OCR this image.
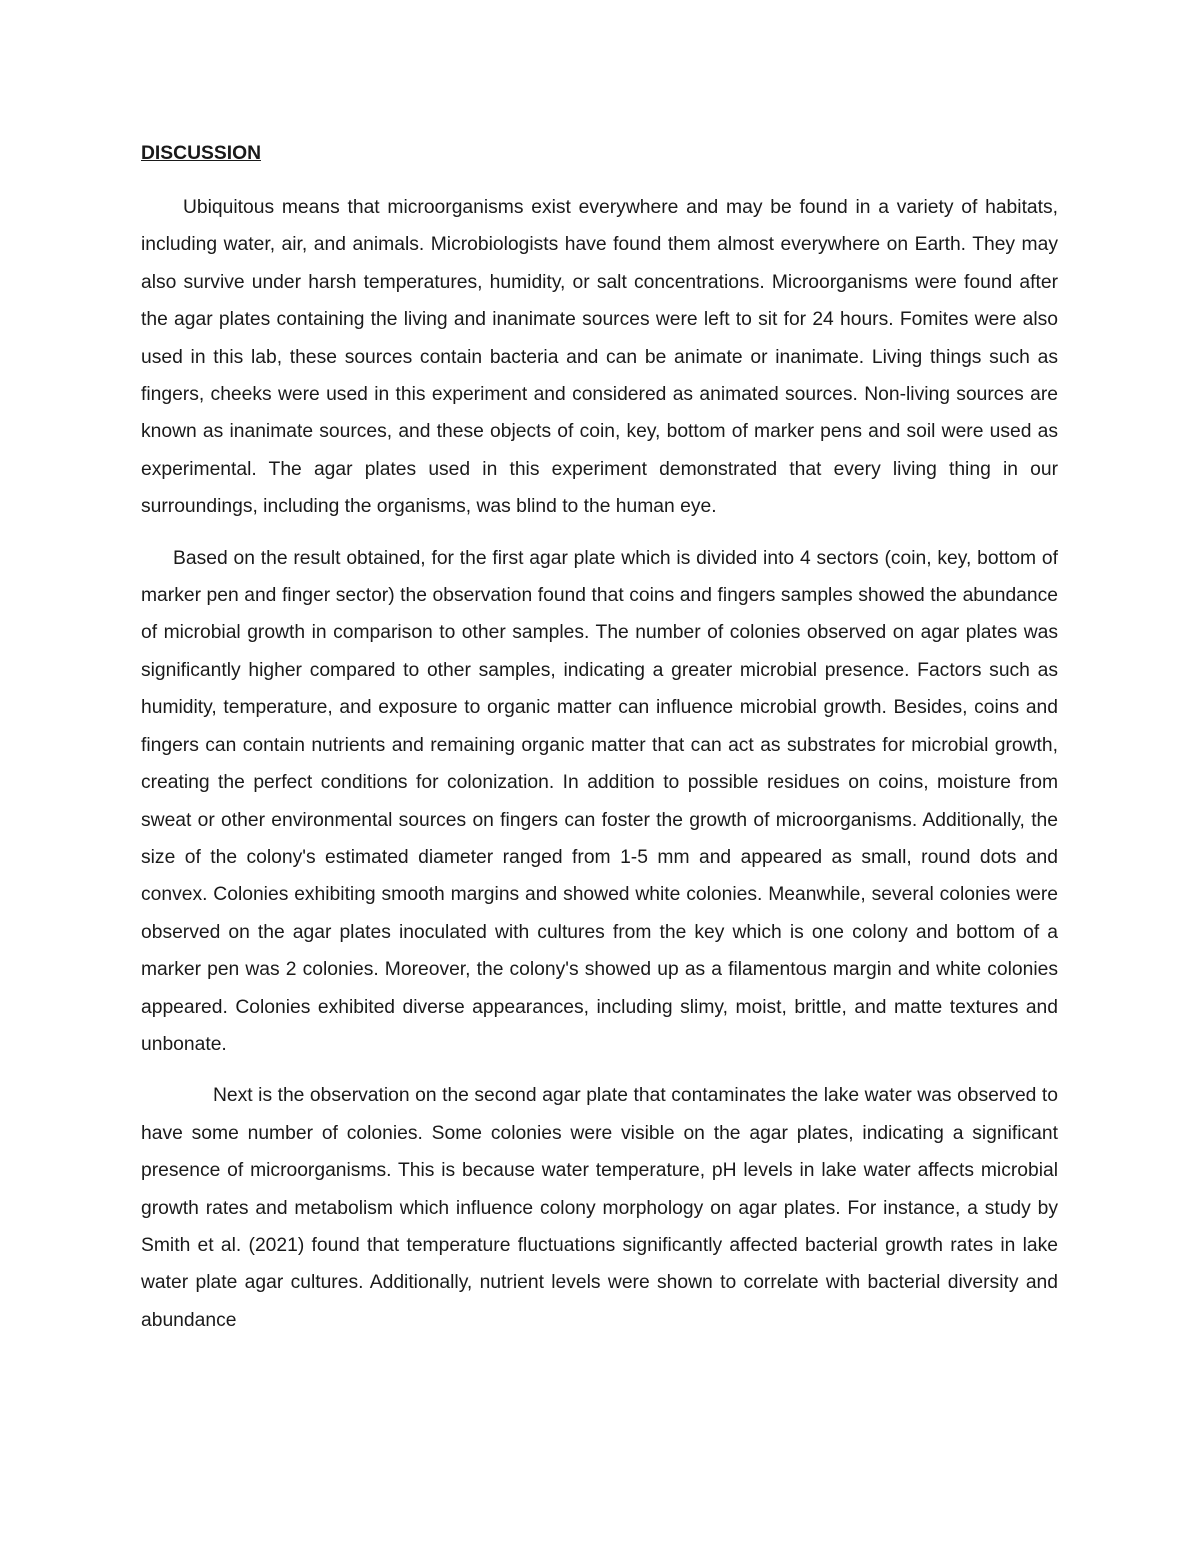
DISCUSSION

Ubiquitous means that microorganisms exist everywhere and may be found in a variety of habitats, including water, air, and animals. Microbiologists have found them almost everywhere on Earth. They may also survive under harsh temperatures, humidity, or salt concentrations. Microorganisms were found after the agar plates containing the living and inanimate sources were left to sit for 24 hours. Fomites were also used in this lab, these sources contain bacteria and can be animate or inanimate. Living things such as fingers, cheeks were used in this experiment and considered as animated sources. Non-living sources are known as inanimate sources, and these objects of coin, key, bottom of marker pens and soil were used as experimental. The agar plates used in this experiment demonstrated that every living thing in our surroundings, including the organisms, was blind to the human eye.

Based on the result obtained, for the first agar plate which is divided into 4 sectors (coin, key, bottom of marker pen and finger sector) the observation found that coins and fingers samples showed the abundance of microbial growth in comparison to other samples. The number of colonies observed on agar plates was significantly higher compared to other samples, indicating a greater microbial presence. Factors such as humidity, temperature, and exposure to organic matter can influence microbial growth. Besides, coins and fingers can contain nutrients and remaining organic matter that can act as substrates for microbial growth, creating the perfect conditions for colonization. In addition to possible residues on coins, moisture from sweat or other environmental sources on fingers can foster the growth of microorganisms. Additionally, the size of the colony's estimated diameter ranged from 1-5 mm and appeared as small, round dots and convex. Colonies exhibiting smooth margins and showed white colonies. Meanwhile, several colonies were observed on the agar plates inoculated with cultures from the key which is one colony and bottom of a marker pen was 2 colonies. Moreover, the colony's showed up as a filamentous margin and white colonies appeared. Colonies exhibited diverse appearances, including slimy, moist, brittle, and matte textures and unbonate.

Next is the observation on the second agar plate that contaminates the lake water was observed to have some number of colonies. Some colonies were visible on the agar plates, indicating a significant presence of microorganisms. This is because water temperature, pH levels in lake water affects microbial growth rates and metabolism which influence colony morphology on agar plates. For instance, a study by Smith et al. (2021) found that temperature fluctuations significantly affected bacterial growth rates in lake water plate agar cultures. Additionally, nutrient levels were shown to correlate with bacterial diversity and abundance
